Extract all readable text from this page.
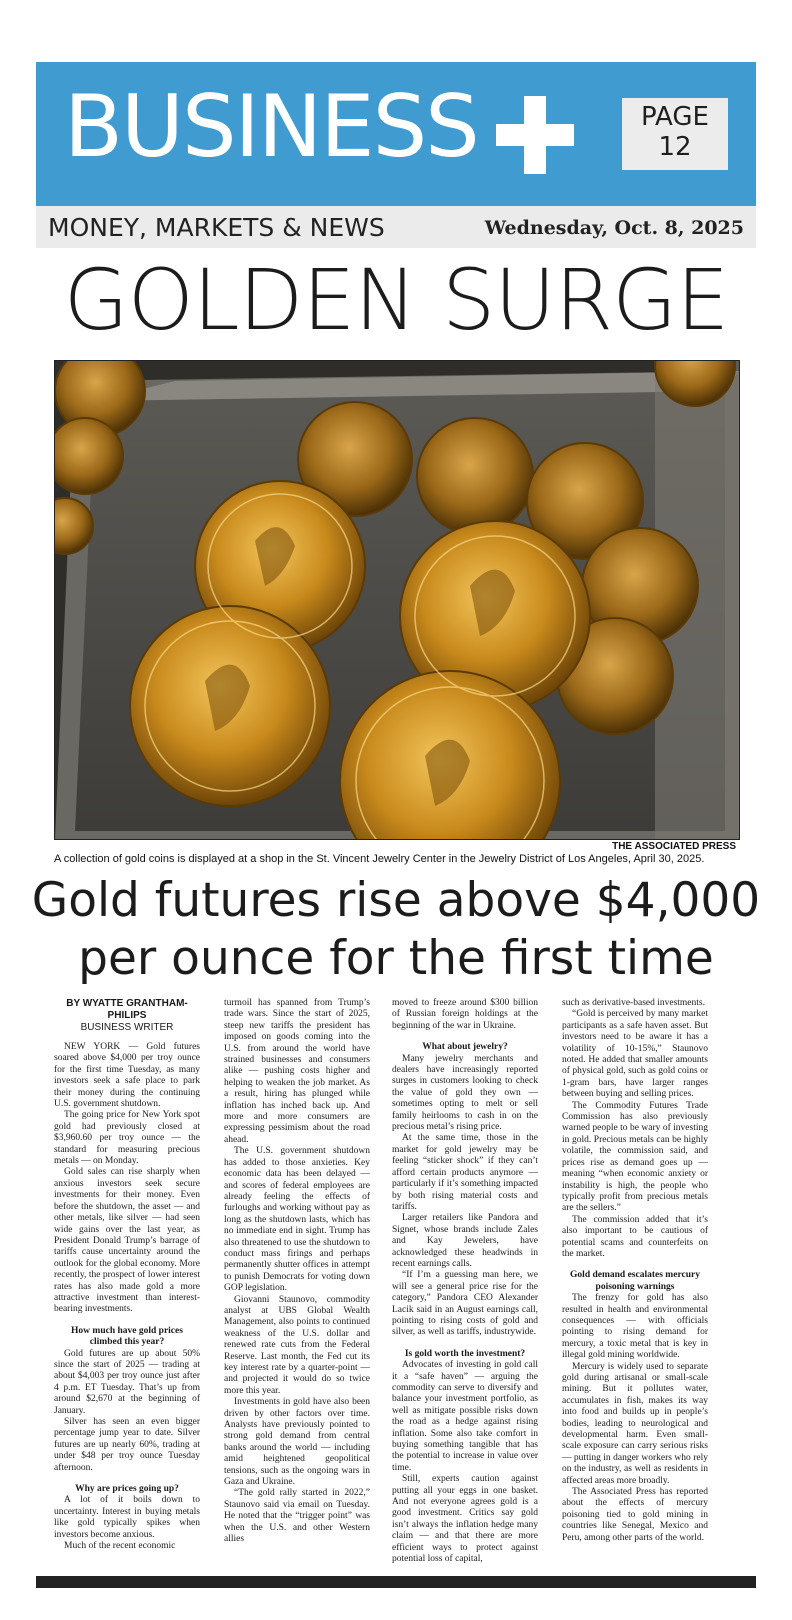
BUSINESS	PAGE
12
MONEY, MARKETS & NEWS	Wednesday, Oct. 8, 2025
GOLDEN SURGE
THE ASSOCIATED PRESS
A collection of gold coins is displayed at a shop in the St. Vincent Jewelry Center in the Jewelry District of Los Angeles, April 30, 2025.
Gold futures rise above $4,000 per ounce for the first time
BY WYATTE GRANTHAM-PHILIPS
BUSINESS WRITER

NEW YORK — Gold futures soared above $4,000 per troy ounce for the first time Tuesday, as many investors seek a safe place to park their money during the continuing U.S. government shutdown.

The going price for New York spot gold had previously closed at $3,960.60 per troy ounce — the standard for measuring precious metals — on Monday.

Gold sales can rise sharply when anxious investors seek secure investments for their money. Even before the shutdown, the asset — and other metals, like silver — had seen wide gains over the last year, as President Donald Trump’s barrage of tariffs cause uncertainty around the outlook for the global economy. More recently, the prospect of lower interest rates has also made gold a more attractive investment than interest-bearing investments.

How much have gold prices climbed this year?

Gold futures are up about 50% since the start of 2025 — trading at about $4,003 per troy ounce just after 4 p.m. ET Tuesday. That’s up from around $2,670 at the beginning of January.

Silver has seen an even bigger percentage jump year to date. Silver futures are up nearly 60%, trading at under $48 per troy ounce Tuesday afternoon.

Why are prices going up?

A lot of it boils down to uncertainty. Interest in buying metals like gold typically spikes when investors become anxious.

Much of the recent economic

turmoil has spanned from Trump’s trade wars. Since the start of 2025, steep new tariffs the president has imposed on goods coming into the U.S. from around the world have strained businesses and consumers alike — pushing costs higher and helping to weaken the job market. As a result, hiring has plunged while inflation has inched back up. And more and more consumers are expressing pessimism about the road ahead.

The U.S. government shutdown has added to those anxieties. Key economic data has been delayed — and scores of federal employees are already feeling the effects of furloughs and working without pay as long as the shutdown lasts, which has no immediate end in sight. Trump has also threatened to use the shutdown to conduct mass firings and perhaps permanently shutter offices in attempt to punish Democrats for voting down GOP legislation.

Giovanni Staunovo, commodity analyst at UBS Global Wealth Management, also points to continued weakness of the U.S. dollar and renewed rate cuts from the Federal Reserve. Last month, the Fed cut its key interest rate by a quarter-point — and projected it would do so twice more this year.

Investments in gold have also been driven by other factors over time. Analysts have previously pointed to strong gold demand from central banks around the world — including amid heightened geopolitical tensions, such as the ongoing wars in Gaza and Ukraine.

“The gold rally started in 2022,” Staunovo said via email on Tuesday. He noted that the “trigger point” was when the U.S. and other Western allies

moved to freeze around $300 billion of Russian foreign holdings at the beginning of the war in Ukraine.

What about jewelry?

Many jewelry merchants and dealers have increasingly reported surges in customers looking to check the value of gold they own — sometimes opting to melt or sell family heirlooms to cash in on the precious metal’s rising price.

At the same time, those in the market for gold jewelry may be feeling “sticker shock” if they can’t afford certain products anymore — particularly if it’s something impacted by both rising material costs and tariffs.

Larger retailers like Pandora and Signet, whose brands include Zales and Kay Jewelers, have acknowledged these headwinds in recent earnings calls.

“If I’m a guessing man here, we will see a general price rise for the category,” Pandora CEO Alexander Lacik said in an August earnings call, pointing to rising costs of gold and silver, as well as tariffs, industrywide.

Is gold worth the investment?

Advocates of investing in gold call it a “safe haven” — arguing the commodity can serve to diversify and balance your investment portfolio, as well as mitigate possible risks down the road as a hedge against rising inflation. Some also take comfort in buying something tangible that has the potential to increase in value over time.

Still, experts caution against putting all your eggs in one basket. And not everyone agrees gold is a good investment. Critics say gold isn’t always the inflation hedge many claim — and that there are more efficient ways to protect against potential loss of capital,

such as derivative-based investments.

“Gold is perceived by many market participants as a safe haven asset. But investors need to be aware it has a volatility of 10-15%,” Staunovo noted. He added that smaller amounts of physical gold, such as gold coins or 1-gram bars, have larger ranges between buying and selling prices.

The Commodity Futures Trade Commission has also previously warned people to be wary of investing in gold. Precious metals can be highly volatile, the commission said, and prices rise as demand goes up — meaning “when economic anxiety or instability is high, the people who typically profit from precious metals are the sellers.”

The commission added that it’s also important to be cautious of potential scams and counterfeits on the market.

Gold demand escalates mercury poisoning warnings

The frenzy for gold has also resulted in health and environmental consequences — with officials pointing to rising demand for mercury, a toxic metal that is key in illegal gold mining worldwide.

Mercury is widely used to separate gold during artisanal or small-scale mining. But it pollutes water, accumulates in fish, makes its way into food and builds up in people’s bodies, leading to neurological and developmental harm. Even small-scale exposure can carry serious risks — putting in danger workers who rely on the industry, as well as residents in affected areas more broadly.

The Associated Press has reported about the effects of mercury poisoning tied to gold mining in countries like Senegal, Mexico and Peru, among other parts of the world.
